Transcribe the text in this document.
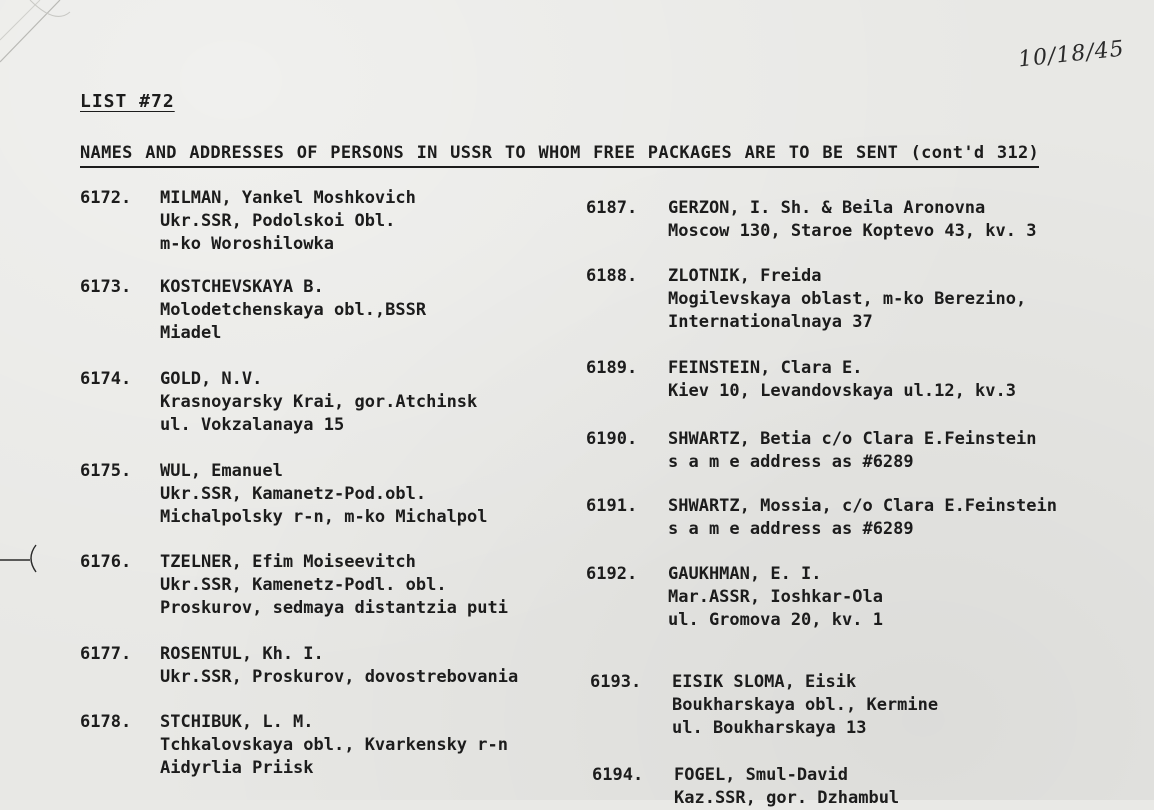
10/18/45
LIST #72
NAMES AND ADDRESSES OF PERSONS IN USSR TO WHOM FREE PACKAGES ARE TO BE SENT (cont'd 312)
6172. MILMAN, Yankel Moshkovich
Ukr.SSR, Podolskoi Obl.
m-ko Woroshilowka
6173. KOSTCHEVSKAYA B.
Molodetchenskaya obl.,BSSR
Miadel
6174. GOLD, N.V.
Krasnoyarsky Krai, gor.Atchinsk
ul. Vokzalanaya 15
6175. WUL, Emanuel
Ukr.SSR, Kamanetz-Pod.obl.
Michalpolsky r-n, m-ko Michalpol
6176. TZELNER, Efim Moiseevitch
Ukr.SSR, Kamenetz-Podl. obl.
Proskurov, sedmaya distantzia puti
6177. ROSENTUL, Kh. I.
Ukr.SSR, Proskurov, dovostrebovania
6178. STCHIBUK, L. M.
Tchkalovskaya obl., Kvarkensky r-n
Aidyrlia Priisk
6187. GERZON, I. Sh. & Beila Aronovna
Moscow 130, Staroe Koptevo 43, kv. 3
6188. ZLOTNIK, Freida
Mogilevskaya oblast, m-ko Berezino,
Internationalnaya 37
6189. FEINSTEIN, Clara E.
Kiev 10, Levandovskaya ul.12, kv.3
6190. SHWARTZ, Betia c/o Clara E.Feinstein
s a m e address as #6289
6191. SHWARTZ, Mossia, c/o Clara E.Feinstein
s a m e address as #6289
6192. GAUKHMAN, E. I.
Mar.ASSR, Ioshkar-Ola
ul. Gromova 20, kv. 1
6193. EISIK SLOMA, Eisik
Boukharskaya obl., Kermine
ul. Boukharskaya 13
6194. FOGEL, Smul-David
Kaz.SSR, gor. Dzhambul
